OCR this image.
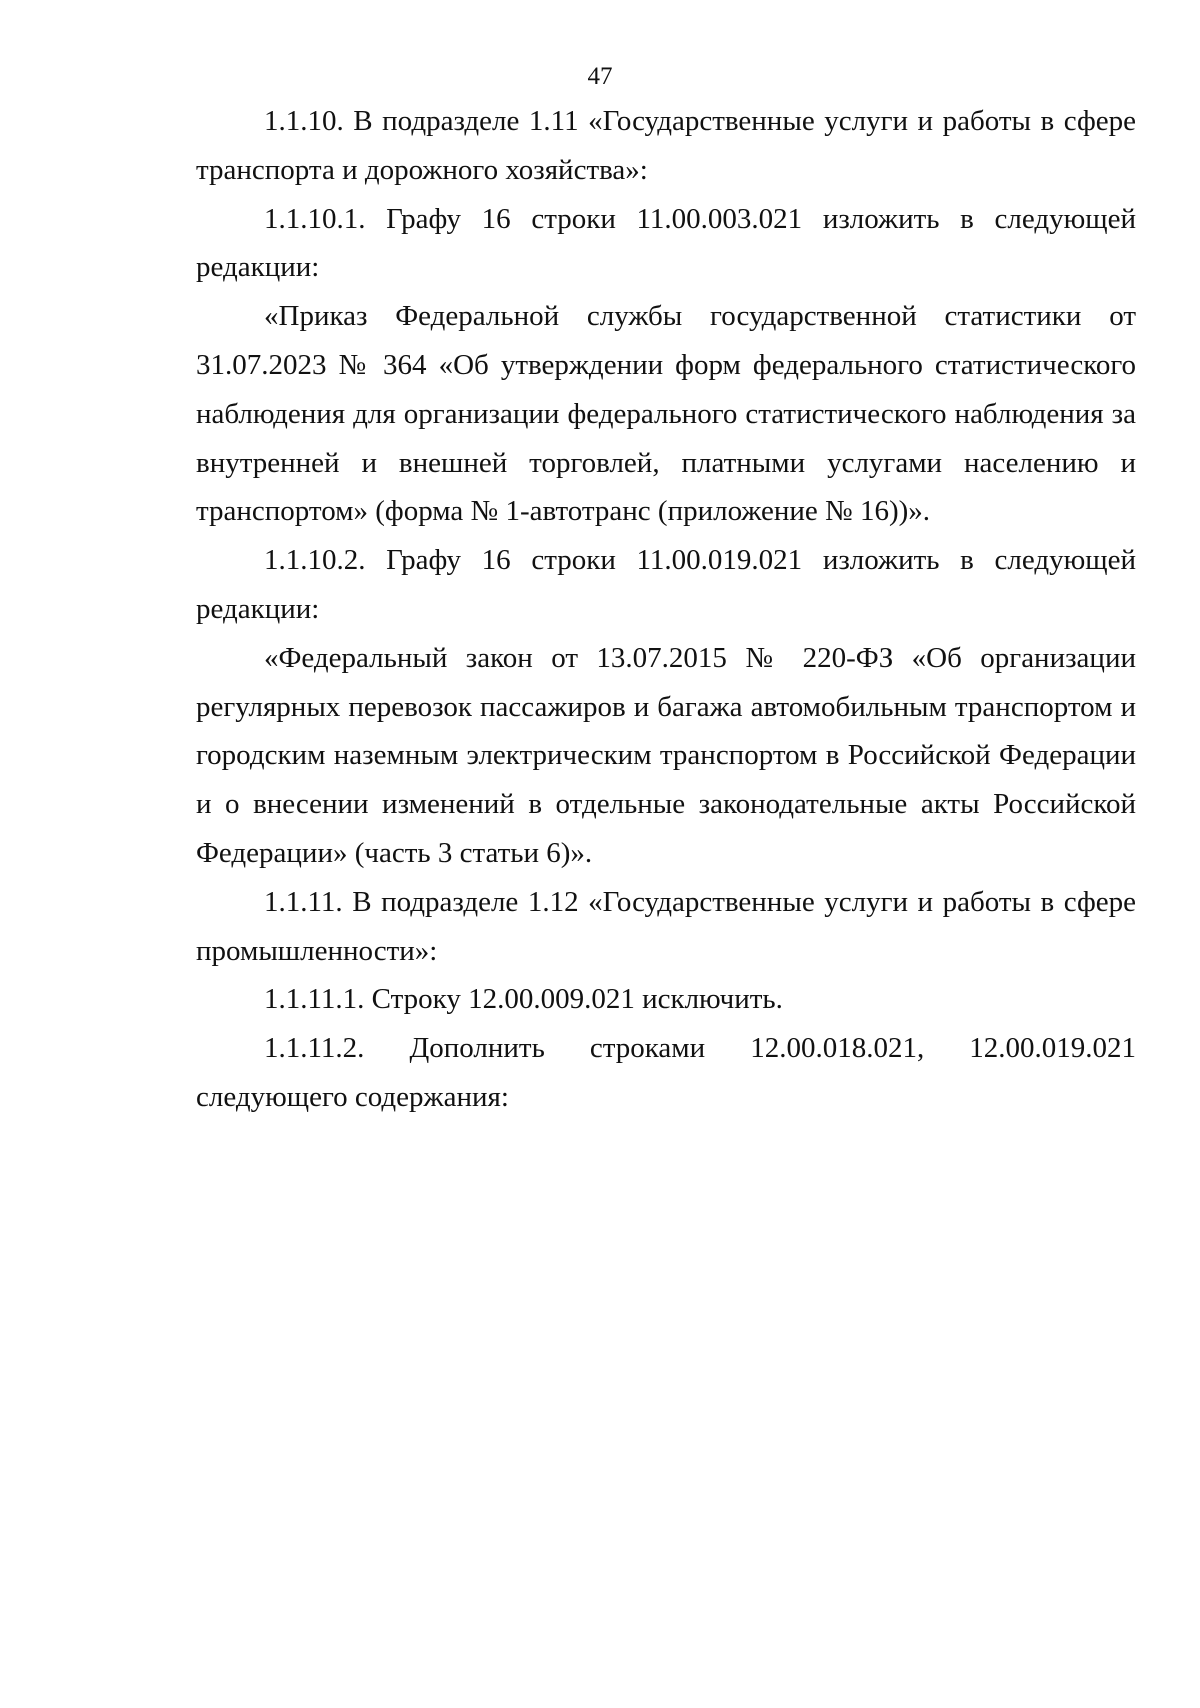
47

1.1.10. В подразделе 1.11 «Государственные услуги и работы в сфере транспорта и дорожного хозяйства»:

1.1.10.1. Графу 16 строки 11.00.003.021 изложить в следующей редакции:

«Приказ Федеральной службы государственной статистики от 31.07.2023 № 364 «Об утверждении форм федерального статистического наблюдения для организации федерального статистического наблюдения за внутренней и внешней торговлей, платными услугами населению и транспортом» (форма № 1-автотранс (приложение № 16))».

1.1.10.2. Графу 16 строки 11.00.019.021 изложить в следующей редакции:

«Федеральный закон от 13.07.2015 № 220-ФЗ «Об организации регулярных перевозок пассажиров и багажа автомобильным транспортом и городским наземным электрическим транспортом в Российской Федерации и о внесении изменений в отдельные законодательные акты Российской Федерации» (часть 3 статьи 6)».

1.1.11. В подразделе 1.12 «Государственные услуги и работы в сфере промышленности»:

1.1.11.1. Строку 12.00.009.021 исключить.

1.1.11.2. Дополнить строками 12.00.018.021, 12.00.019.021 следующего содержания:
